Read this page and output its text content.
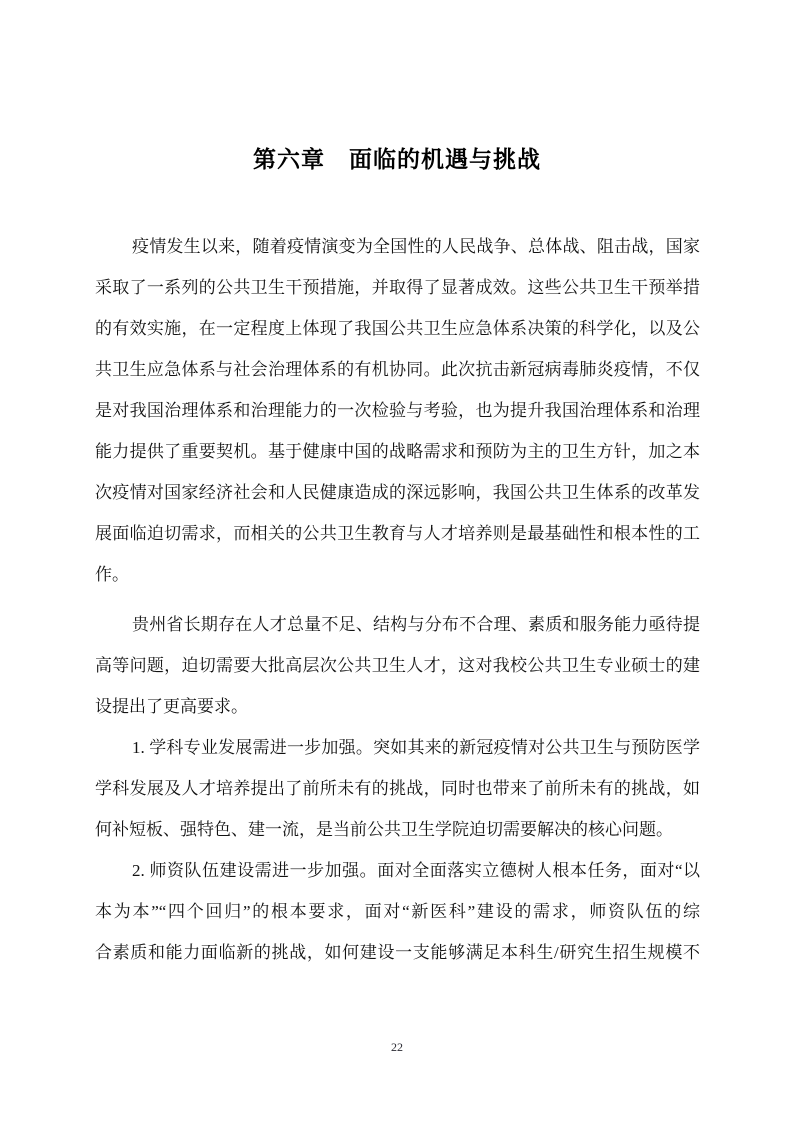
第六章　面临的机遇与挑战
疫情发生以来，随着疫情演变为全国性的人民战争、总体战、阻击战，国家
采取了一系列的公共卫生干预措施，并取得了显著成效。这些公共卫生干预举措
的有效实施，在一定程度上体现了我国公共卫生应急体系决策的科学化，以及公
共卫生应急体系与社会治理体系的有机协同。此次抗击新冠病毒肺炎疫情，不仅
是对我国治理体系和治理能力的一次检验与考验，也为提升我国治理体系和治理
能力提供了重要契机。基于健康中国的战略需求和预防为主的卫生方针，加之本
次疫情对国家经济社会和人民健康造成的深远影响，我国公共卫生体系的改革发
展面临迫切需求，而相关的公共卫生教育与人才培养则是最基础性和根本性的工
作。
贵州省长期存在人才总量不足、结构与分布不合理、素质和服务能力亟待提
高等问题，迫切需要大批高层次公共卫生人才，这对我校公共卫生专业硕士的建
设提出了更高要求。
1. 学科专业发展需进一步加强。突如其来的新冠疫情对公共卫生与预防医学
学科发展及人才培养提出了前所未有的挑战，同时也带来了前所未有的挑战，如
何补短板、强特色、建一流，是当前公共卫生学院迫切需要解决的核心问题。
2. 师资队伍建设需进一步加强。面对全面落实立德树人根本任务，面对“以
本为本”“四个回归”的根本要求，面对“新医科”建设的需求，师资队伍的综
合素质和能力面临新的挑战，如何建设一支能够满足本科生/研究生招生规模不
22
